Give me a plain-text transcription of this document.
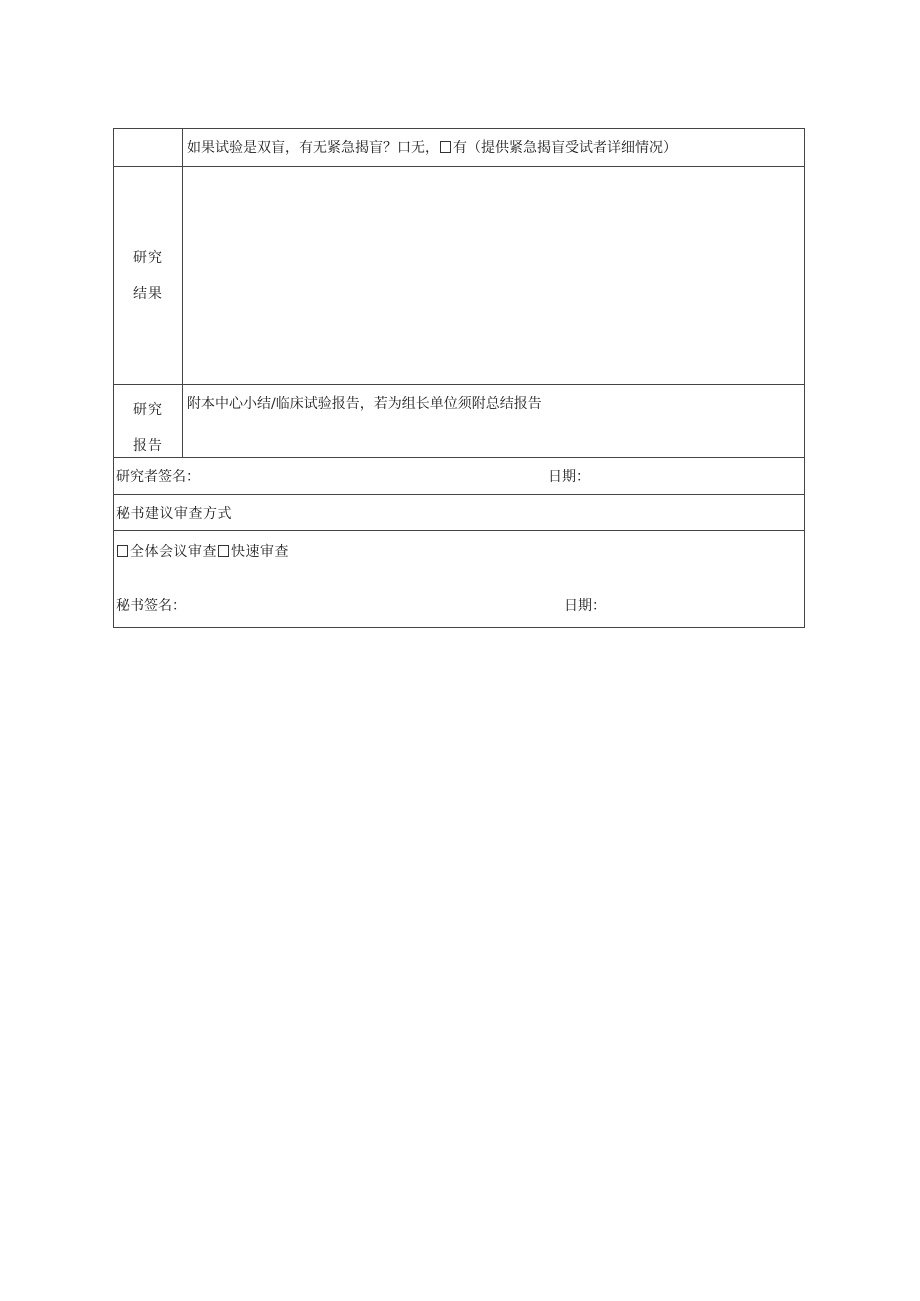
如果试验是双盲，有无紧急揭盲？口无， 有（提供紧急揭盲受试者详细情况）
研究
结果
研究
报告
附本中心小结/临床试验报告，若为组长单位须附总结报告
研究者签名：	日期：
秘书建议审查方式
全体会议审查 快速审查
秘书签名：	日期：
